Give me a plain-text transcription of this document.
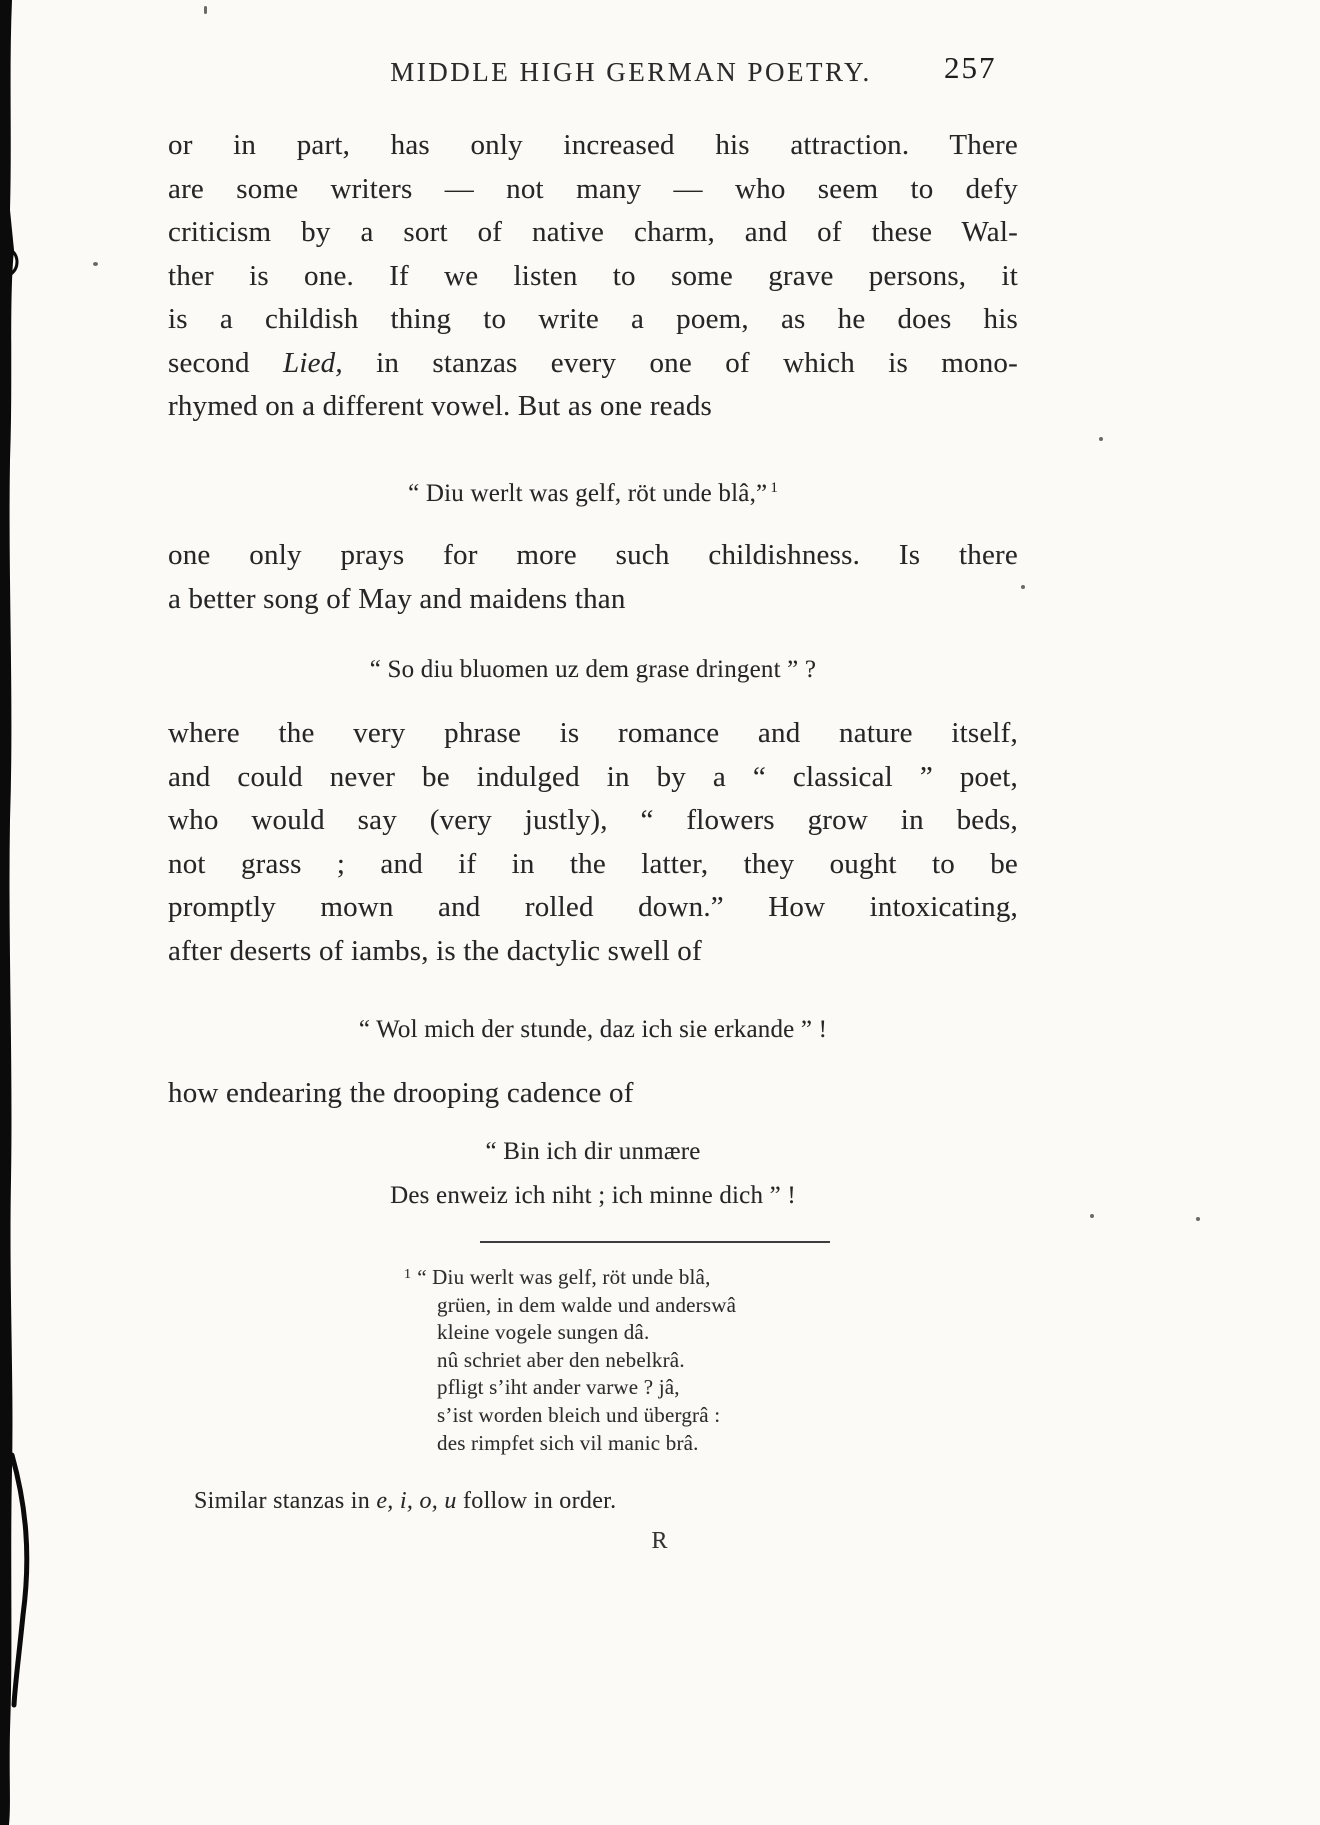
MIDDLE HIGH GERMAN POETRY.	257
or in part, has only increased his attraction. There
are some writers — not many — who seem to defy
criticism by a sort of native charm, and of these Wal-
ther is one. If we listen to some grave persons, it
is a childish thing to write a poem, as he does his
second Lied, in stanzas every one of which is mono-
rhymed on a different vowel. But as one reads
“ Diu werlt was gelf, röt unde blâ,” $^1$
one only prays for more such childishness. Is there
a better song of May and maidens than
“ So diu bluomen uz dem grase dringent ” ?
where the very phrase is romance and nature itself,
and could never be indulged in by a “ classical ” poet,
who would say (very justly), “ flowers grow in beds,
not grass ; and if in the latter, they ought to be
promptly mown and rolled down.” How intoxicating,
after deserts of iambs, is the dactylic swell of
“ Wol mich der stunde, daz ich sie erkande ” !
how endearing the drooping cadence of
“ Bin ich dir unmære
Des enweiz ich niht ; ich minne dich ” !
$^1$ “ Diu werlt was gelf, röt unde blâ,
grüen, in dem walde und anderswâ
kleine vogele sungen dâ.
nû schriet aber den nebelkrâ.
pfligt s’iht ander varwe ? jâ,
s’ist worden bleich und übergrâ :
des rimpfet sich vil manic brâ.
Similar stanzas in e, i, o, u follow in order.
R
